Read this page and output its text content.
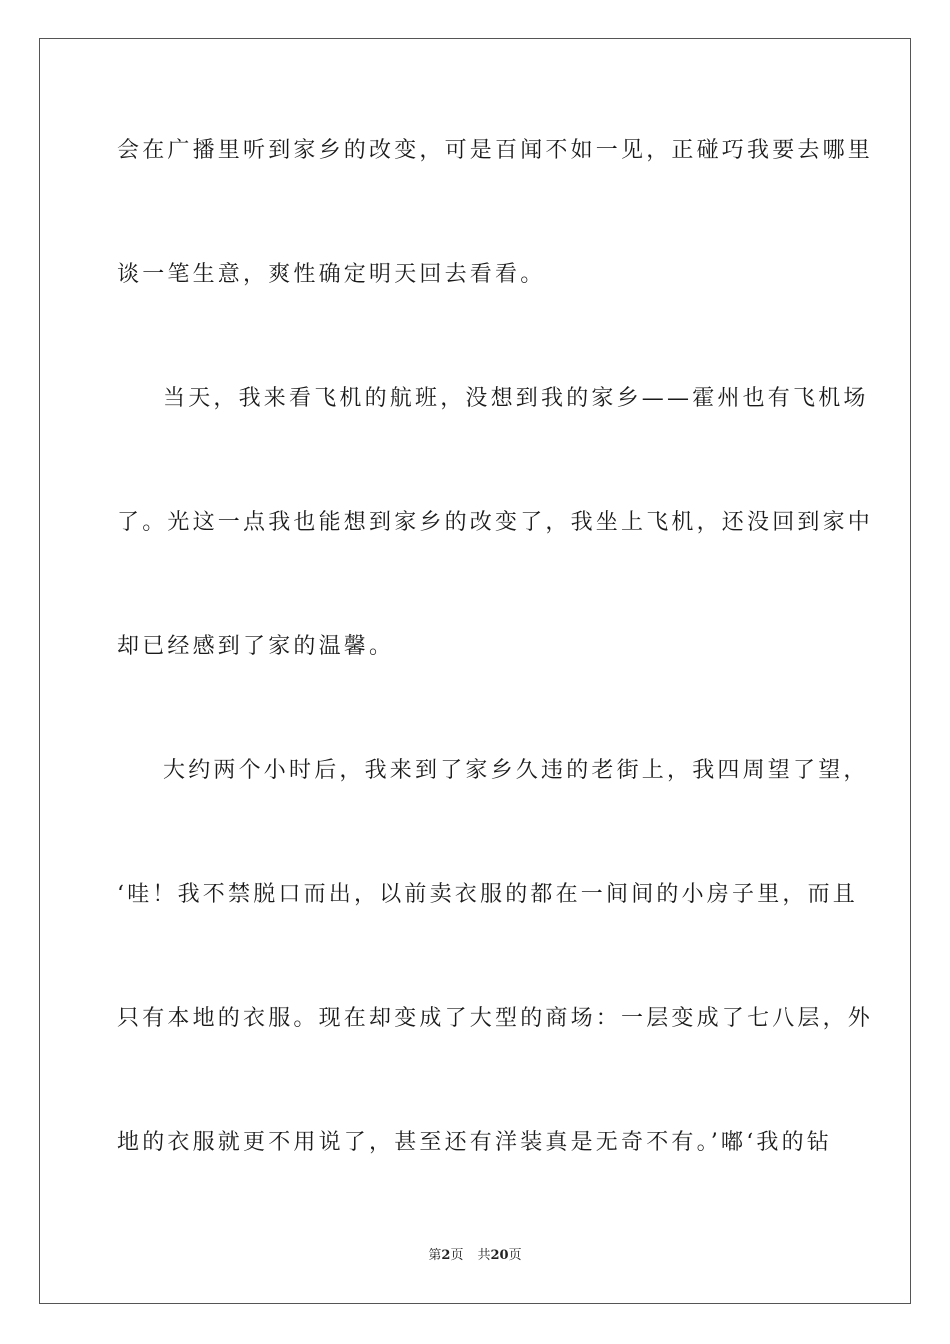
会在广播里听到家乡的改变，可是百闻不如一见，正碰巧我要去哪里
谈一笔生意，爽性确定明天回去看看。
当天，我来看飞机的航班，没想到我的家乡——霍州也有飞机场
了。光这一点我也能想到家乡的改变了，我坐上飞机，还没回到家中
却已经感到了家的温馨。
大约两个小时后，我来到了家乡久违的老街上，我四周望了望，
‘哇！我不禁脱口而出，以前卖衣服的都在一间间的小房子里，而且
只有本地的衣服。现在却变成了大型的商场：一层变成了七八层，外
地的衣服就更不用说了，甚至还有洋装真是无奇不有。’嘟‘我的钻
第2页 共20页
